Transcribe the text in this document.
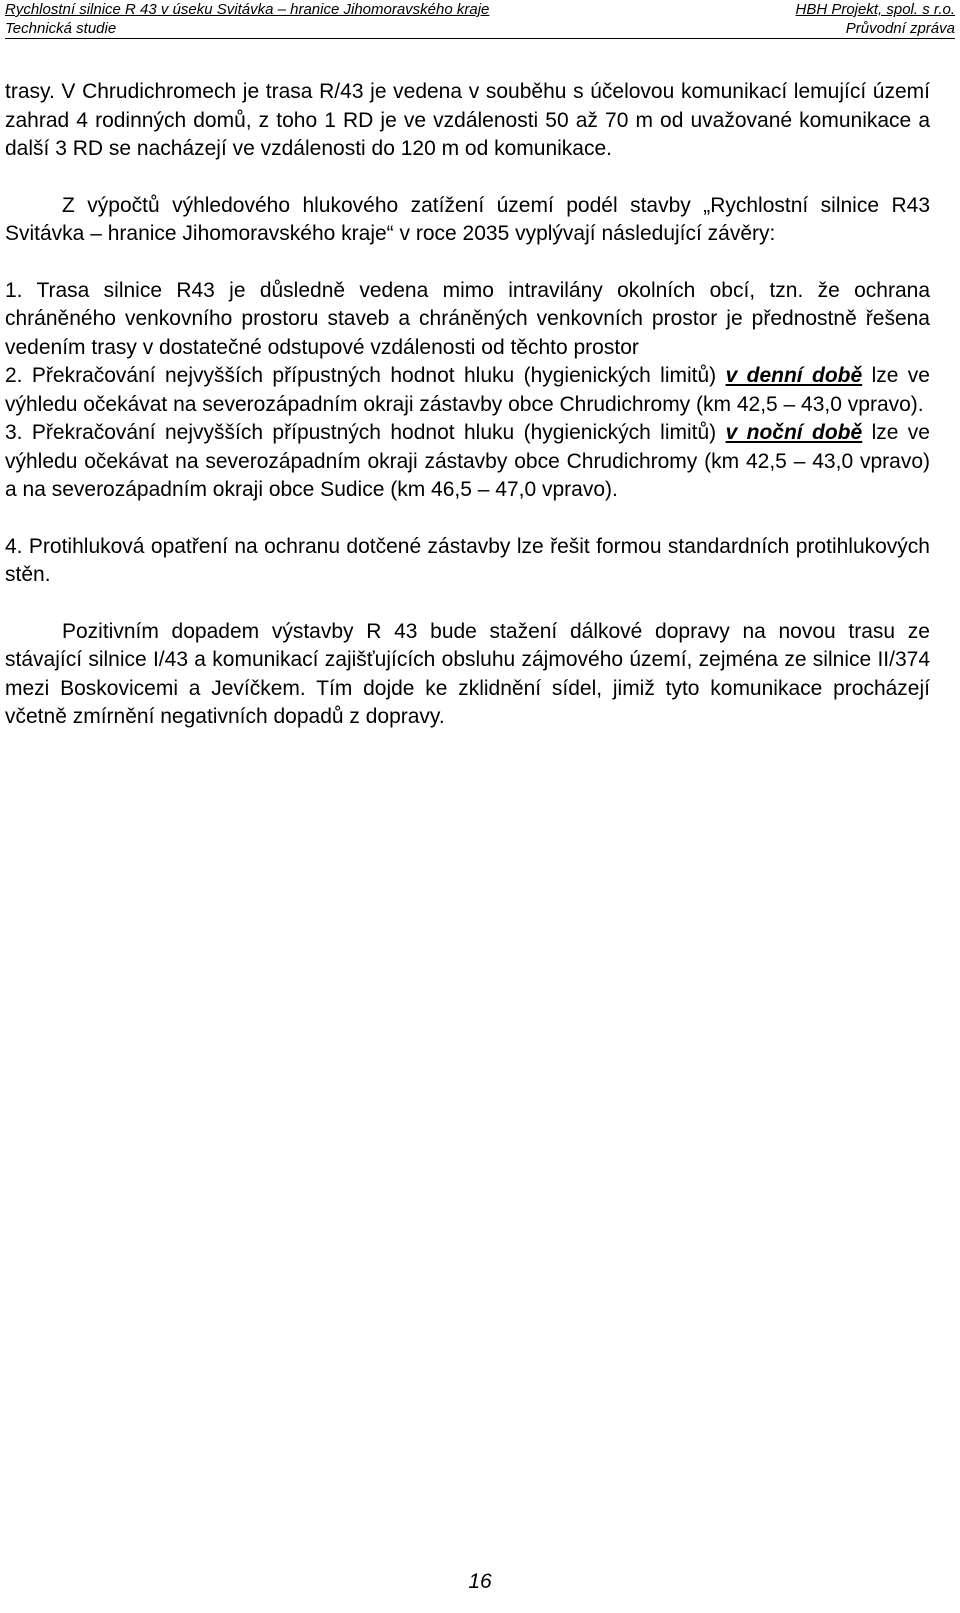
Rychlostní silnice R 43 v úseku Svitávka – hranice Jihomoravského kraje	HBH Projekt, spol. s r.o.
Technická studie	Průvodní zpráva

trasy. V Chrudichromech je trasa R/43 je vedena v souběhu s účelovou komunikací lemující území zahrad 4 rodinných domů, z toho 1 RD je ve vzdálenosti 50 až 70 m od uvažované komunikace a další 3 RD se nacházejí ve vzdálenosti do 120 m od komunikace.

Z výpočtů výhledového hlukového zatížení území podél stavby „Rychlostní silnice R43 Svitávka – hranice Jihomoravského kraje“ v roce 2035 vyplývají následující závěry:

1. Trasa silnice R43 je důsledně vedena mimo intravilány okolních obcí, tzn. že ochrana chráněného venkovního prostoru staveb a chráněných venkovních prostor je přednostně řešena vedením trasy v dostatečné odstupové vzdálenosti od těchto prostor

2. Překračování nejvyšších přípustných hodnot hluku (hygienických limitů) v denní době lze ve výhledu očekávat na severozápadním okraji zástavby obce Chrudichromy (km 42,5 – 43,0 vpravo).

3. Překračování nejvyšších přípustných hodnot hluku (hygienických limitů) v noční době lze ve výhledu očekávat na severozápadním okraji zástavby obce Chrudichromy (km 42,5 – 43,0 vpravo) a na severozápadním okraji obce Sudice (km 46,5 – 47,0 vpravo).

4. Protihluková opatření na ochranu dotčené zástavby lze řešit formou standardních protihlukových stěn.

Pozitivním dopadem výstavby R 43 bude stažení dálkové dopravy na novou trasu ze stávající silnice I/43 a komunikací zajišťujících obsluhu zájmového území, zejména ze silnice II/374 mezi Boskovicemi a Jevíčkem. Tím dojde ke zklidnění sídel, jimiž tyto komunikace procházejí včetně zmírnění negativních dopadů z dopravy.

16
